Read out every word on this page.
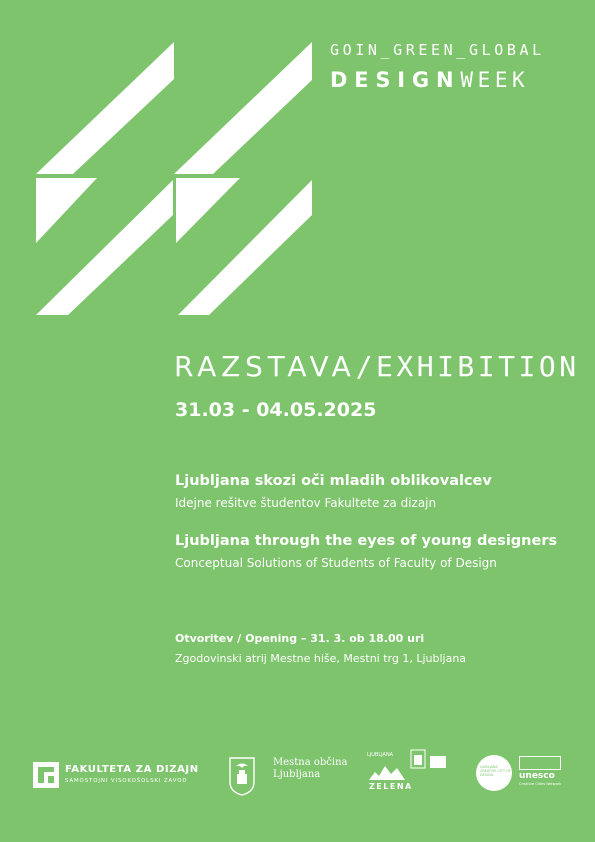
GOIN_GREEN_GLOBAL
DESIGNWEEK
RAZSTAVA/EXHIBITION
31.03 - 04.05.2025
Ljubljana skozi oči mladih oblikovalcev
Idejne rešitve študentov Fakultete za dizajn
Ljubljana through the eyes of young designers
Conceptual Solutions of Students of Faculty of Design
Otvoritev / Opening – 31. 3. ob 18.00 uri
Zgodovinski atrij Mestne hiše, Mestni trg 1, Ljubljana
FAKULTETA ZA DIZAJN
SAMOSTOJNI VISOKOŠOLSKI ZAVOD
Mestna občina Ljubljana
LJUBLJANA
ZELENA
LJUBLJANA CREATIVE CITY OF DESIGN	unesco
Creative Cities Network
